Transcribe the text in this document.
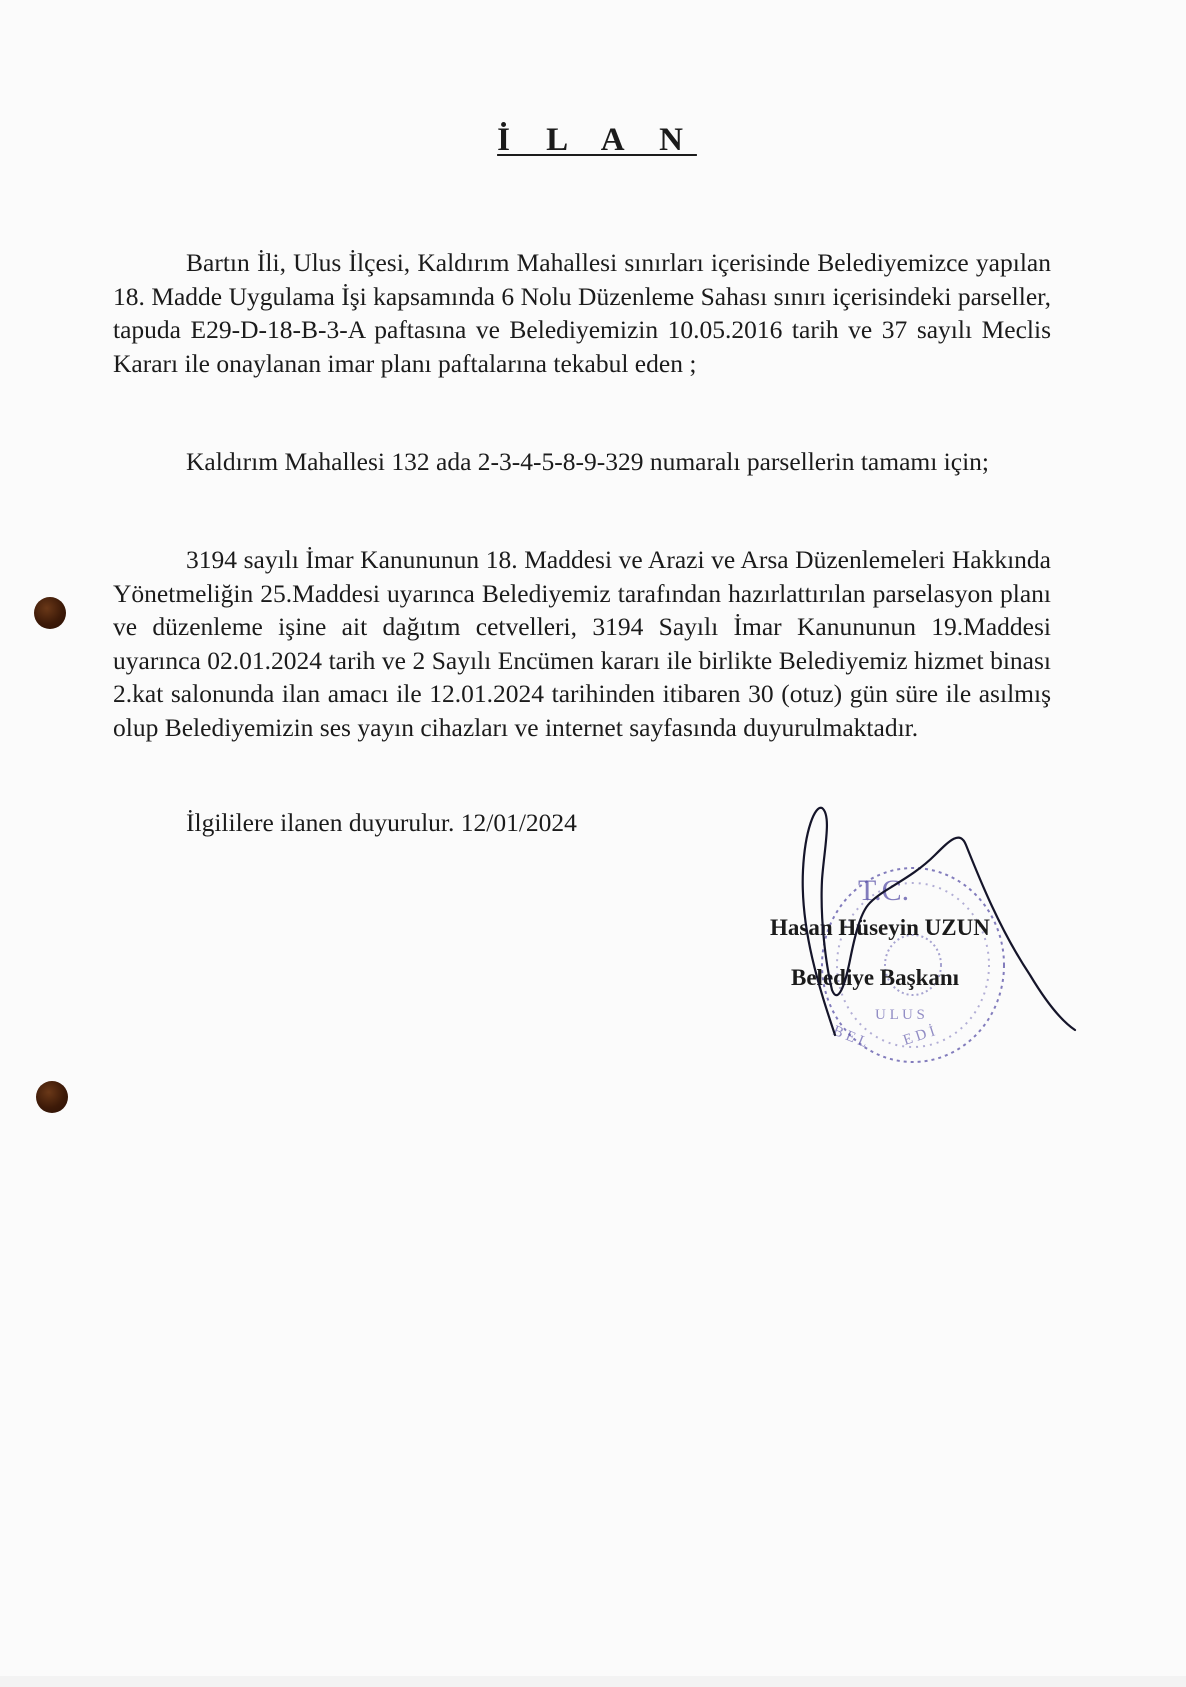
İ L A N

Bartın İli, Ulus İlçesi, Kaldırım Mahallesi sınırları içerisinde Belediyemizce yapılan 18. Madde Uygulama İşi kapsamında 6 Nolu Düzenleme Sahası sınırı içerisindeki parseller, tapuda E29-D-18-B-3-A paftasına ve Belediyemizin 10.05.2016 tarih ve 37 sayılı Meclis Kararı ile onaylanan imar planı paftalarına tekabul eden ;

Kaldırım Mahallesi 132 ada 2-3-4-5-8-9-329 numaralı parsellerin tamamı için;

3194 sayılı İmar Kanununun 18. Maddesi ve Arazi ve Arsa Düzenlemeleri Hakkında Yönetmeliğin 25.Maddesi uyarınca Belediyemiz tarafından hazırlattırılan parselasyon planı ve düzenleme işine ait dağıtım cetvelleri, 3194 Sayılı İmar Kanununun 19.Maddesi uyarınca 02.01.2024 tarih ve 2 Sayılı Encümen kararı ile birlikte Belediyemiz hizmet binası 2.kat salonunda ilan amacı ile 12.01.2024 tarihinden itibaren 30 (otuz) gün süre ile asılmış olup Belediyemizin ses yayın cihazları ve internet sayfasında duyurulmaktadır.

İlgililere ilanen duyurulur. 12/01/2024

T.C.
U L U S
B E L E D İ
Hasan Hüseyin UZUN
Belediye Başkanı
